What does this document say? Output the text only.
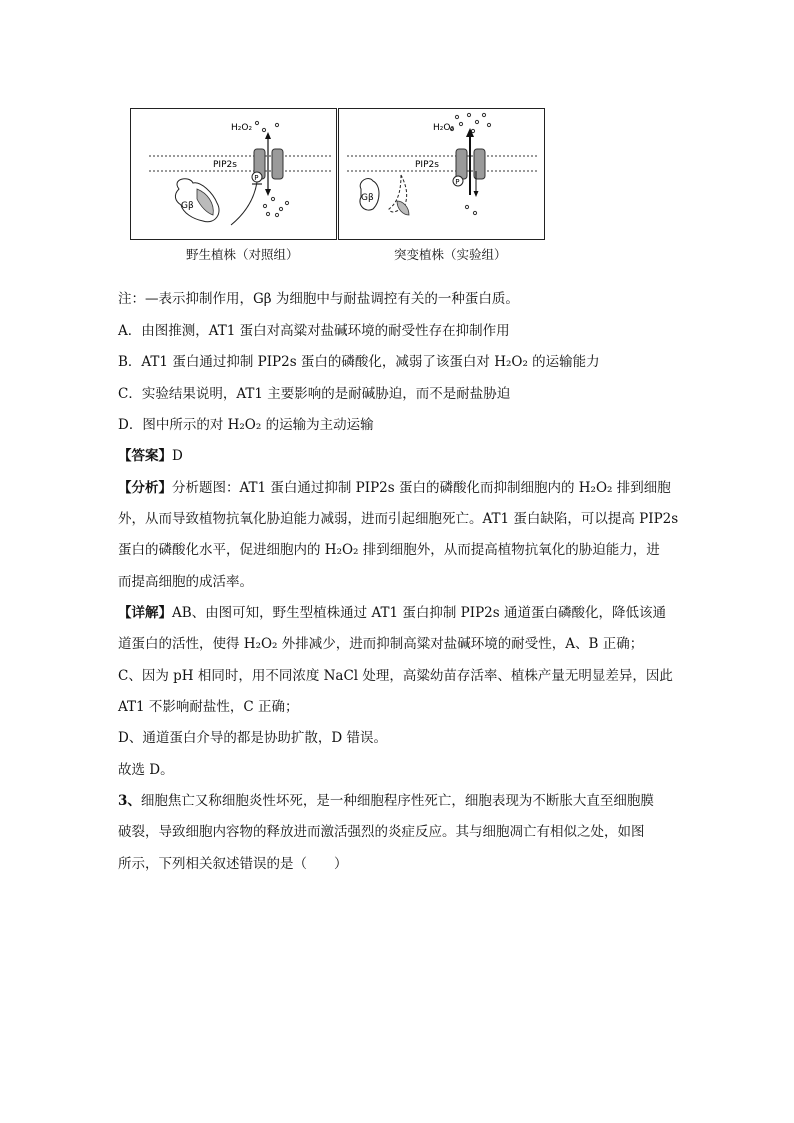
H₂O₂
PIP2s
P
Gβ
野生植株（对照组）
H₂O₂
PIP2s
P
Gβ
突变植株（实验组）
注：—表示抑制作用，Gβ 为细胞中与耐盐调控有关的一种蛋白质。
A．由图推测，AT1 蛋白对高粱对盐碱环境的耐受性存在抑制作用
B．AT1 蛋白通过抑制 PIP2s 蛋白的磷酸化，减弱了该蛋白对 H₂O₂ 的运输能力
C．实验结果说明，AT1 主要影响的是耐碱胁迫，而不是耐盐胁迫
D．图中所示的对 H₂O₂ 的运输为主动运输
【答案】D
【分析】分析题图：AT1 蛋白通过抑制 PIP2s 蛋白的磷酸化而抑制细胞内的 H₂O₂ 排到细胞
外，从而导致植物抗氧化胁迫能力减弱，进而引起细胞死亡。AT1 蛋白缺陷，可以提高 PIP2s
蛋白的磷酸化水平，促进细胞内的 H₂O₂ 排到细胞外，从而提高植物抗氧化的胁迫能力，进
而提高细胞的成活率。
【详解】AB、由图可知，野生型植株通过 AT1 蛋白抑制 PIP2s 通道蛋白磷酸化，降低该通
道蛋白的活性，使得 H₂O₂ 外排减少，进而抑制高粱对盐碱环境的耐受性，A、B 正确；
C、因为 pH 相同时，用不同浓度 NaCl 处理，高粱幼苗存活率、植株产量无明显差异，因此
AT1 不影响耐盐性，C 正确；
D、通道蛋白介导的都是协助扩散，D 错误。
故选 D。
3、细胞焦亡又称细胞炎性坏死，是一种细胞程序性死亡，细胞表现为不断胀大直至细胞膜
破裂，导致细胞内容物的释放进而激活强烈的炎症反应。其与细胞凋亡有相似之处，如图
所示，下列相关叙述错误的是（　　）
